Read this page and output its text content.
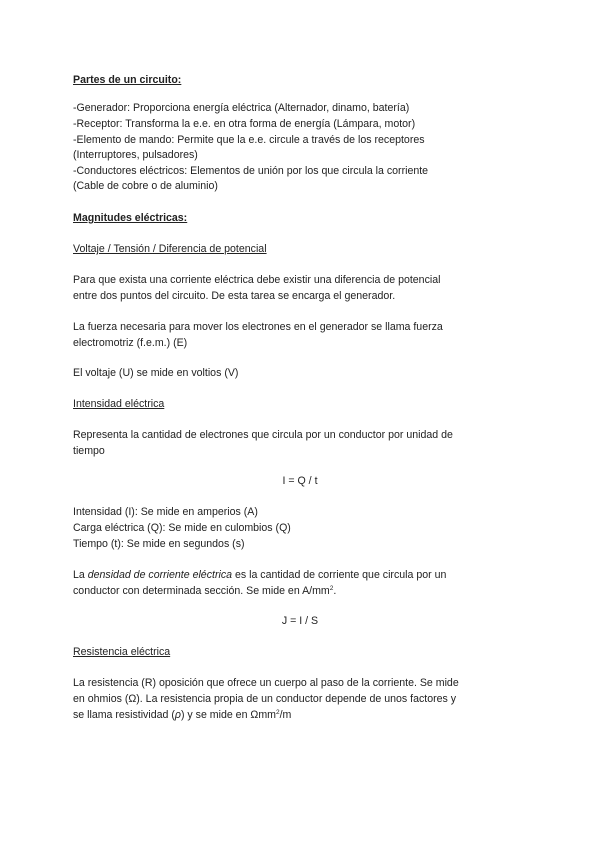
Partes de un circuito:
-Generador: Proporciona energía eléctrica (Alternador, dinamo, batería)
-Receptor: Transforma la e.e. en otra forma de energía (Lámpara, motor)
-Elemento de mando: Permite que la e.e. circule a través de los receptores
(Interruptores, pulsadores)
-Conductores eléctricos: Elementos de unión por los que circula la corriente
(Cable de cobre o de aluminio)
Magnitudes eléctricas:
Voltaje / Tensión / Diferencia de potencial
Para que exista una corriente eléctrica debe existir una diferencia de potencial
entre dos puntos del circuito. De esta tarea se encarga el generador.
La fuerza necesaria para mover los electrones en el generador se llama fuerza
electromotriz (f.e.m.) (E)
El voltaje (U) se mide en voltios (V)
Intensidad eléctrica
Representa la cantidad de electrones que circula por un conductor por unidad de
tiempo
I = Q / t
Intensidad (I): Se mide en amperios (A)
Carga eléctrica (Q): Se mide en culombios (Q)
Tiempo (t): Se mide en segundos (s)
La densidad de corriente eléctrica es la cantidad de corriente que circula por un
conductor con determinada sección. Se mide en $A/mm^2$.
J = I / S
Resistencia eléctrica
La resistencia (R) oposición que ofrece un cuerpo al paso de la corriente. Se mide
en ohmios (Ω). La resistencia propia de un conductor depende de unos factores y
se llama resistividad (ρ) y se mide en Ωmm$^2$/m
